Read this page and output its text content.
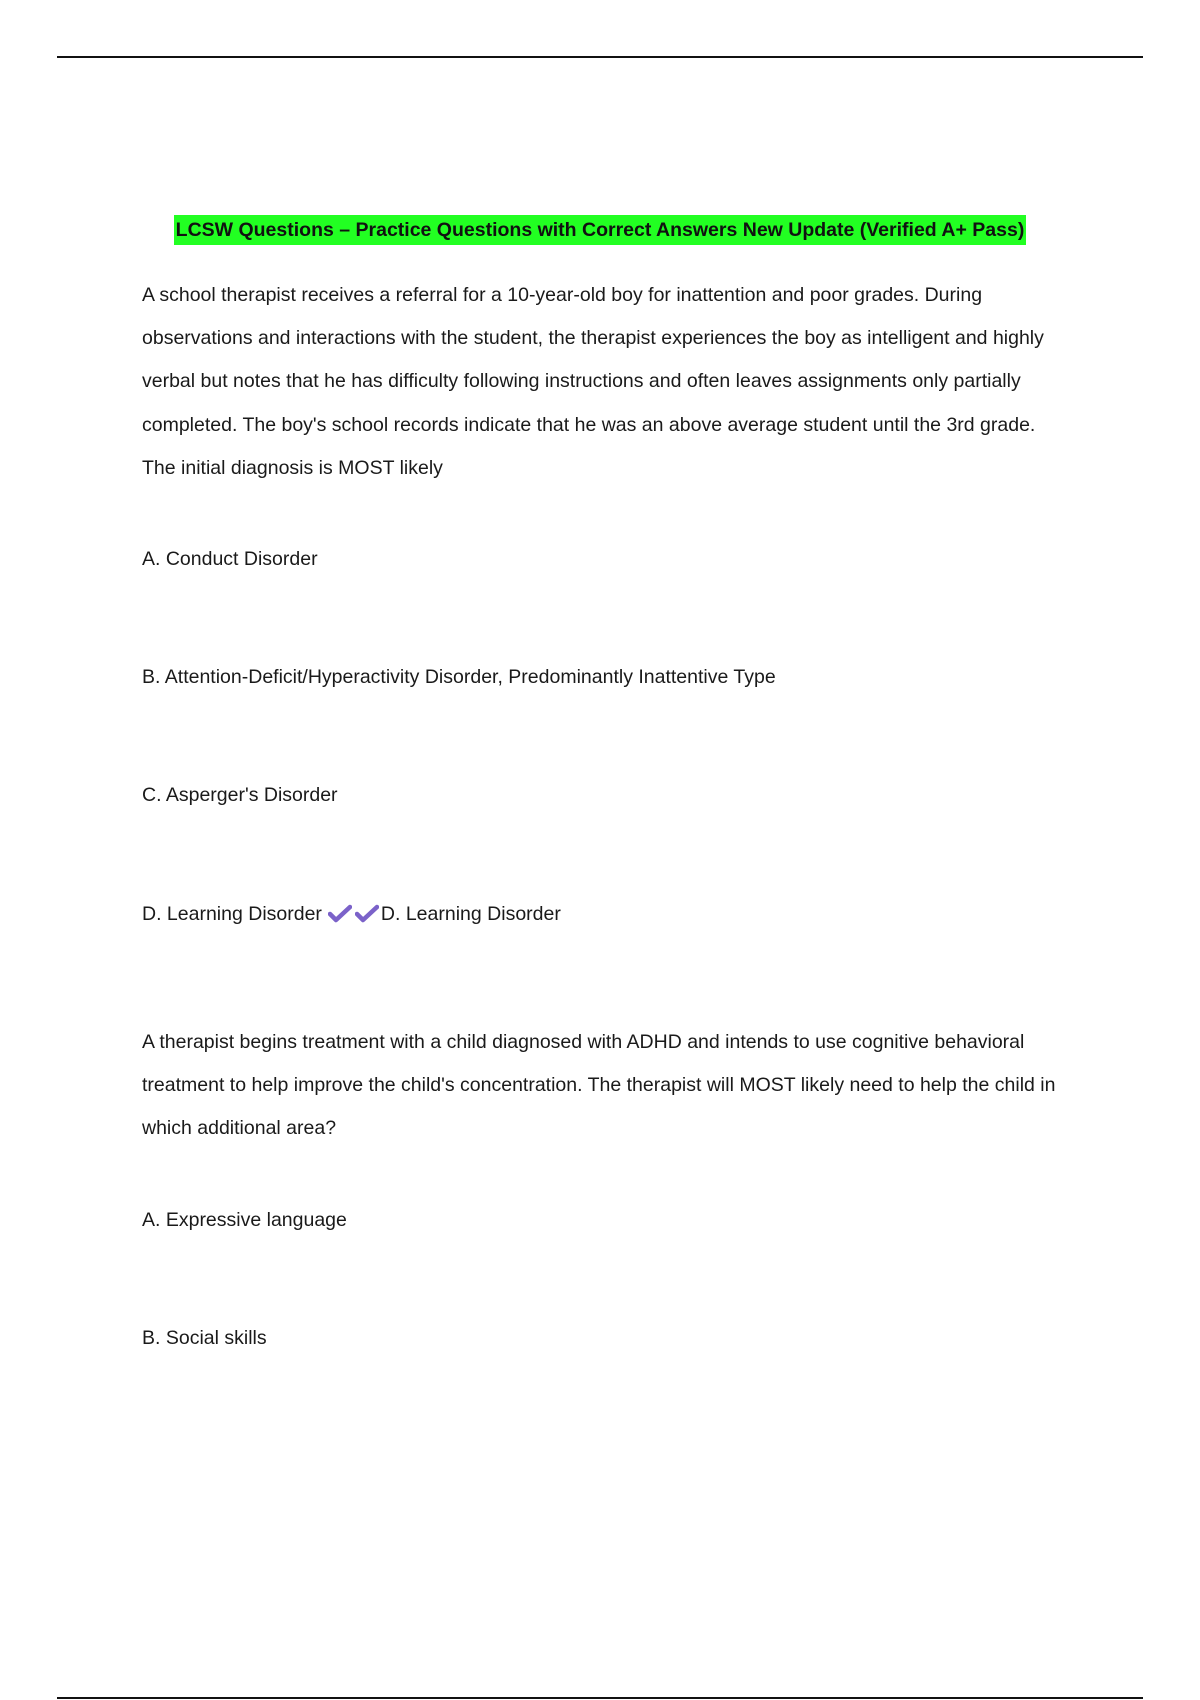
LCSW Questions – Practice Questions with Correct Answers New Update (Verified A+ Pass)

A school therapist receives a referral for a 10-year-old boy for inattention and poor grades. During observations and interactions with the student, the therapist experiences the boy as intelligent and highly verbal but notes that he has difficulty following instructions and often leaves assignments only partially completed. The boy's school records indicate that he was an above average student until the 3rd grade. The initial diagnosis is MOST likely

A. Conduct Disorder

B. Attention-Deficit/Hyperactivity Disorder, Predominantly Inattentive Type

C. Asperger's Disorder

D. Learning Disorder	D. Learning Disorder

A therapist begins treatment with a child diagnosed with ADHD and intends to use cognitive behavioral treatment to help improve the child's concentration. The therapist will MOST likely need to help the child in which additional area?

A. Expressive language

B. Social skills
